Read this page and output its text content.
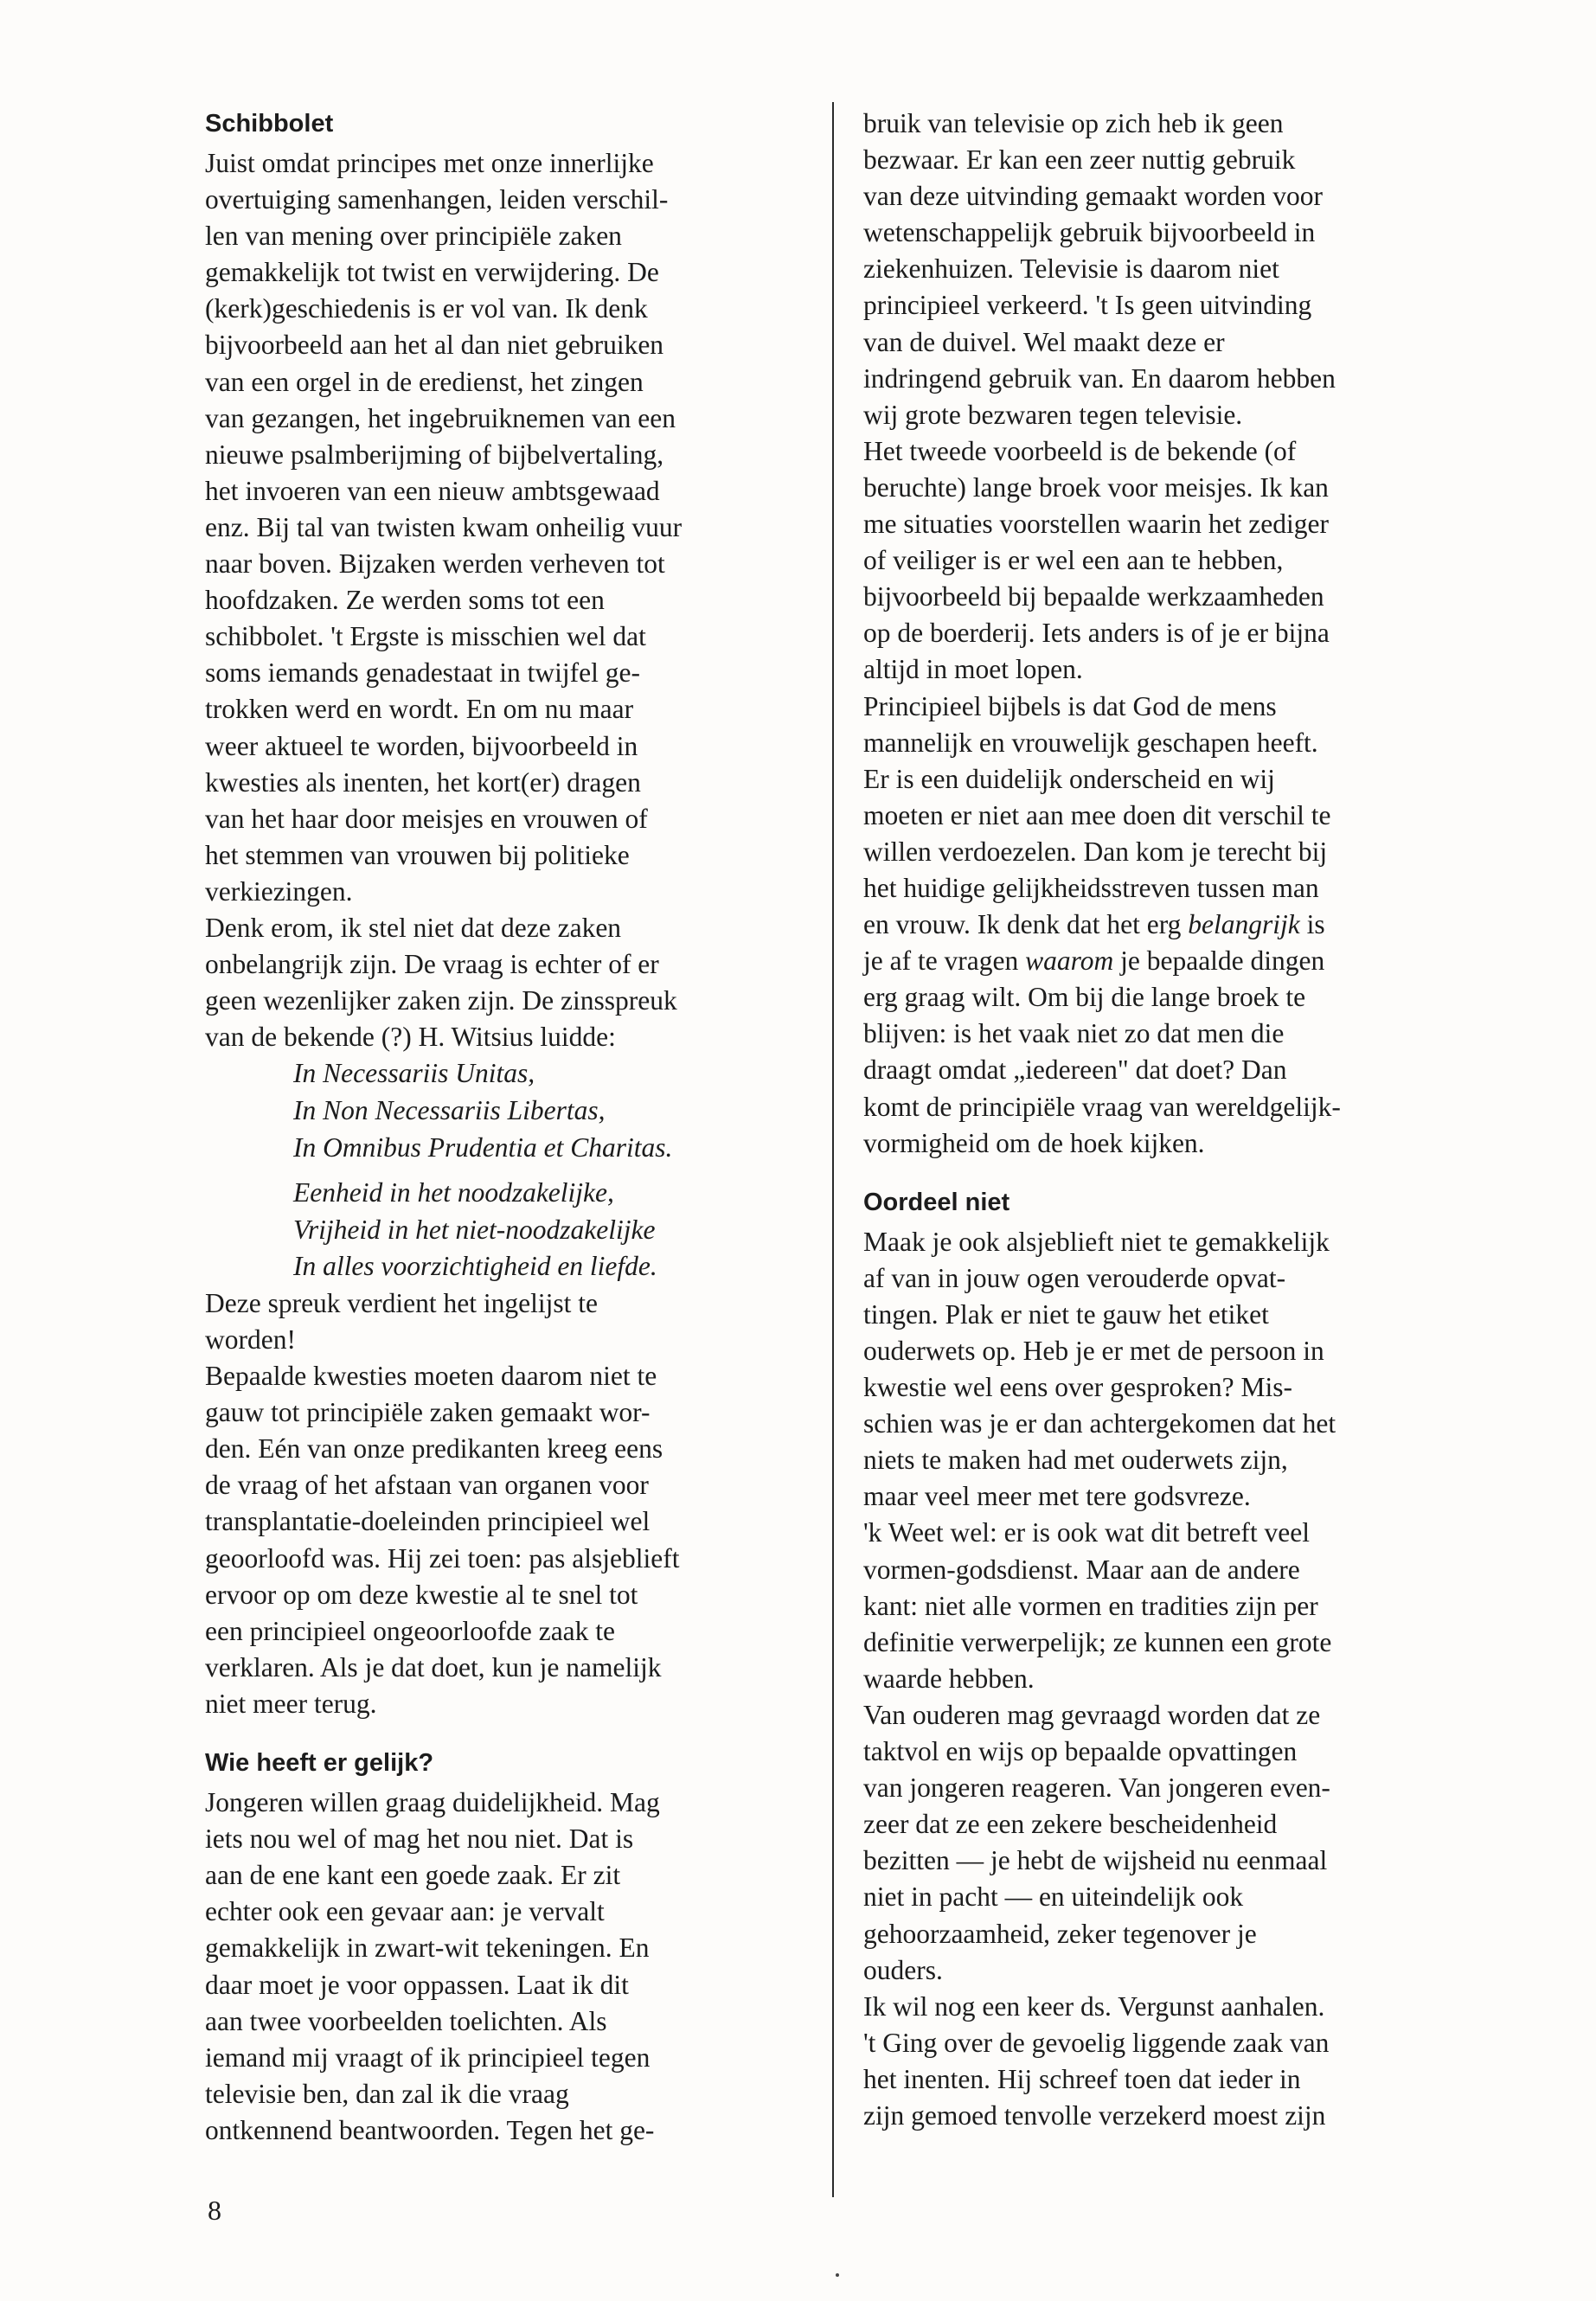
Schibbolet

Juist omdat principes met onze innerlijke
overtuiging samenhangen, leiden verschil-
len van mening over principiële zaken
gemakkelijk tot twist en verwijdering. De
(kerk)geschiedenis is er vol van. Ik denk
bijvoorbeeld aan het al dan niet gebruiken
van een orgel in de eredienst, het zingen
van gezangen, het ingebruiknemen van een
nieuwe psalmberijming of bijbelvertaling,
het invoeren van een nieuw ambtsgewaad
enz. Bij tal van twisten kwam onheilig vuur
naar boven. Bijzaken werden verheven tot
hoofdzaken. Ze werden soms tot een
schibbolet. 't Ergste is misschien wel dat
soms iemands genadestaat in twijfel ge-
trokken werd en wordt. En om nu maar
weer aktueel te worden, bijvoorbeeld in
kwesties als inenten, het kort(er) dragen
van het haar door meisjes en vrouwen of
het stemmen van vrouwen bij politieke
verkiezingen.

Denk erom, ik stel niet dat deze zaken
onbelangrijk zijn. De vraag is echter of er
geen wezenlijker zaken zijn. De zinsspreuk
van de bekende (?) H. Witsius luidde:

In Necessariis Unitas,
In Non Necessariis Libertas,
In Omnibus Prudentia et Charitas.

Eenheid in het noodzakelijke,
Vrijheid in het niet-noodzakelijke
In alles voorzichtigheid en liefde.

Deze spreuk verdient het ingelijst te
worden!

Bepaalde kwesties moeten daarom niet te
gauw tot principiële zaken gemaakt wor-
den. Eén van onze predikanten kreeg eens
de vraag of het afstaan van organen voor
transplantatie-doeleinden principieel wel
geoorloofd was. Hij zei toen: pas alsjeblieft
ervoor op om deze kwestie al te snel tot
een principieel ongeoorloofde zaak te
verklaren. Als je dat doet, kun je namelijk
niet meer terug.

Wie heeft er gelijk?

Jongeren willen graag duidelijkheid. Mag
iets nou wel of mag het nou niet. Dat is
aan de ene kant een goede zaak. Er zit
echter ook een gevaar aan: je vervalt
gemakkelijk in zwart-wit tekeningen. En
daar moet je voor oppassen. Laat ik dit
aan twee voorbeelden toelichten. Als
iemand mij vraagt of ik principieel tegen
televisie ben, dan zal ik die vraag
ontkennend beantwoorden. Tegen het ge-

bruik van televisie op zich heb ik geen
bezwaar. Er kan een zeer nuttig gebruik
van deze uitvinding gemaakt worden voor
wetenschappelijk gebruik bijvoorbeeld in
ziekenhuizen. Televisie is daarom niet
principieel verkeerd. 't Is geen uitvinding
van de duivel. Wel maakt deze er
indringend gebruik van. En daarom hebben
wij grote bezwaren tegen televisie.

Het tweede voorbeeld is de bekende (of
beruchte) lange broek voor meisjes. Ik kan
me situaties voorstellen waarin het zediger
of veiliger is er wel een aan te hebben,
bijvoorbeeld bij bepaalde werkzaamheden
op de boerderij. Iets anders is of je er bijna
altijd in moet lopen.

Principieel bijbels is dat God de mens
mannelijk en vrouwelijk geschapen heeft.
Er is een duidelijk onderscheid en wij
moeten er niet aan mee doen dit verschil te
willen verdoezelen. Dan kom je terecht bij
het huidige gelijkheidsstreven tussen man
en vrouw. Ik denk dat het erg belangrijk is
je af te vragen waarom je bepaalde dingen
erg graag wilt. Om bij die lange broek te
blijven: is het vaak niet zo dat men die
draagt omdat „iedereen" dat doet? Dan
komt de principiële vraag van wereldgelijk-
vormigheid om de hoek kijken.

Oordeel niet

Maak je ook alsjeblieft niet te gemakkelijk
af van in jouw ogen verouderde opvat-
tingen. Plak er niet te gauw het etiket
ouderwets op. Heb je er met de persoon in
kwestie wel eens over gesproken? Mis-
schien was je er dan achtergekomen dat het
niets te maken had met ouderwets zijn,
maar veel meer met tere godsvreze.

'k Weet wel: er is ook wat dit betreft veel
vormen-godsdienst. Maar aan de andere
kant: niet alle vormen en tradities zijn per
definitie verwerpelijk; ze kunnen een grote
waarde hebben.

Van ouderen mag gevraagd worden dat ze
taktvol en wijs op bepaalde opvattingen
van jongeren reageren. Van jongeren even-
zeer dat ze een zekere bescheidenheid
bezitten — je hebt de wijsheid nu eenmaal
niet in pacht — en uiteindelijk ook
gehoorzaamheid, zeker tegenover je
ouders.

Ik wil nog een keer ds. Vergunst aanhalen.
't Ging over de gevoelig liggende zaak van
het inenten. Hij schreef toen dat ieder in
zijn gemoed tenvolle verzekerd moest zijn

8
